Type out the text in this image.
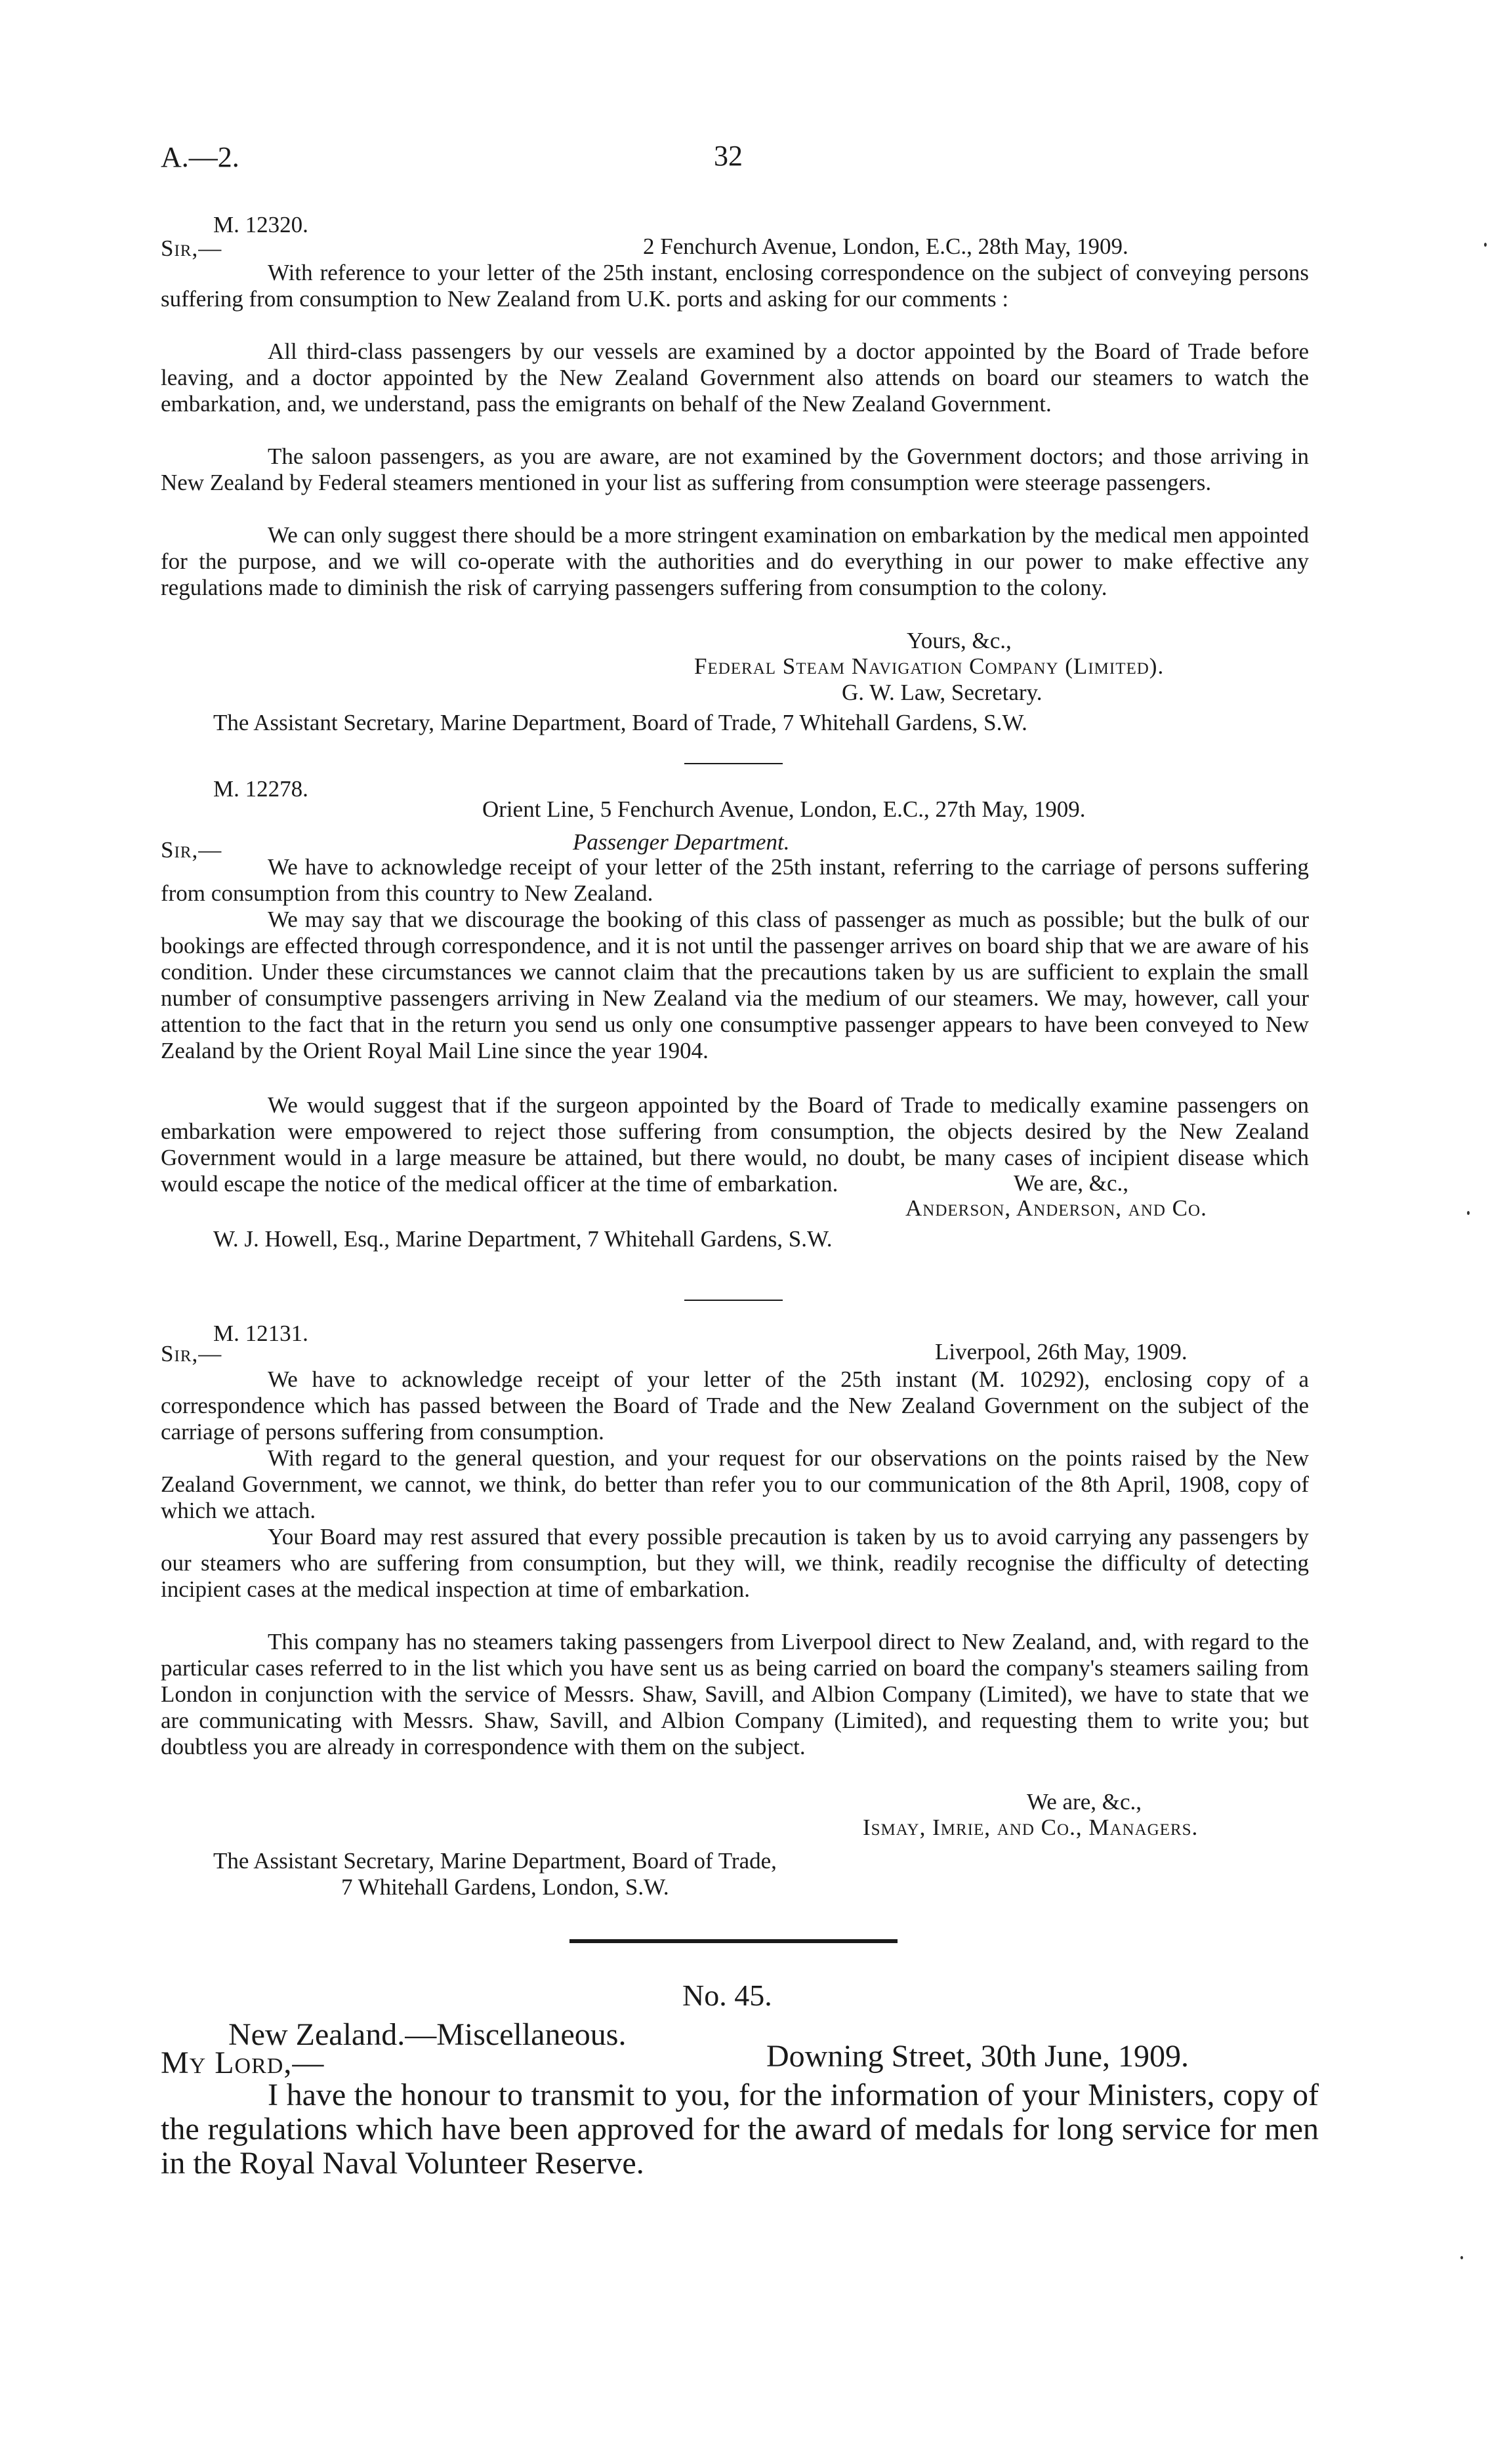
A.—2.	32
M. 12320.
Sir,—	2 Fenchurch Avenue, London, E.C., 28th May, 1909.

With reference to your letter of the 25th instant, enclosing correspondence on the subject of conveying persons suffering from consumption to New Zealand from U.K. ports and asking for our comments :

All third-class passengers by our vessels are examined by a doctor appointed by the Board of Trade before leaving, and a doctor appointed by the New Zealand Government also attends on board our steamers to watch the embarkation, and, we understand, pass the emigrants on behalf of the New Zealand Government.

The saloon passengers, as you are aware, are not examined by the Government doctors; and those arriving in New Zealand by Federal steamers mentioned in your list as suffering from consumption were steerage passengers.

We can only suggest there should be a more stringent examination on embarkation by the medical men appointed for the purpose, and we will co-operate with the authorities and do everything in our power to make effective any regulations made to diminish the risk of carrying passengers suffering from consumption to the colony.

Yours, &c.,
Federal Steam Navigation Company (Limited).
G. W. Law, Secretary.
The Assistant Secretary, Marine Department, Board of Trade, 7 Whitehall Gardens, S.W.
M. 12278.
Orient Line, 5 Fenchurch Avenue, London, E.C., 27th May, 1909.
Passenger Department.
Sir,—

We have to acknowledge receipt of your letter of the 25th instant, referring to the carriage of persons suffering from consumption from this country to New Zealand.

We may say that we discourage the booking of this class of passenger as much as possible; but the bulk of our bookings are effected through correspondence, and it is not until the passenger arrives on board ship that we are aware of his condition. Under these circumstances we cannot claim that the precautions taken by us are sufficient to explain the small number of consumptive passengers arriving in New Zealand via the medium of our steamers. We may, however, call your attention to the fact that in the return you send us only one consumptive passenger appears to have been conveyed to New Zealand by the Orient Royal Mail Line since the year 1904.

We would suggest that if the surgeon appointed by the Board of Trade to medically examine passengers on embarkation were empowered to reject those suffering from consumption, the objects desired by the New Zealand Government would in a large measure be attained, but there would, no doubt, be many cases of incipient disease which would escape the notice of the medical officer at the time of embarkation.	We are, &c.,
Anderson, Anderson, and Co.
W. J. Howell, Esq., Marine Department, 7 Whitehall Gardens, S.W.
M. 12131.
Sir,—	Liverpool, 26th May, 1909.

We have to acknowledge receipt of your letter of the 25th instant (M. 10292), enclosing copy of a correspondence which has passed between the Board of Trade and the New Zealand Government on the subject of the carriage of persons suffering from consumption.

With regard to the general question, and your request for our observations on the points raised by the New Zealand Government, we cannot, we think, do better than refer you to our communication of the 8th April, 1908, copy of which we attach.

Your Board may rest assured that every possible precaution is taken by us to avoid carrying any passengers by our steamers who are suffering from consumption, but they will, we think, readily recognise the difficulty of detecting incipient cases at the medical inspection at time of embarkation.

This company has no steamers taking passengers from Liverpool direct to New Zealand, and, with regard to the particular cases referred to in the list which you have sent us as being carried on board the company's steamers sailing from London in conjunction with the service of Messrs. Shaw, Savill, and Albion Company (Limited), we have to state that we are communicating with Messrs. Shaw, Savill, and Albion Company (Limited), and requesting them to write you; but doubtless you are already in correspondence with them on the subject.

We are, &c.,
Ismay, Imrie, and Co., Managers.
The Assistant Secretary, Marine Department, Board of Trade,
7 Whitehall Gardens, London, S.W.
No. 45.
New Zealand.—Miscellaneous.
My Lord,—	Downing Street, 30th June, 1909.

I have the honour to transmit to you, for the information of your Ministers, copy of the regulations which have been approved for the award of medals for long service for men in the Royal Naval Volunteer Reserve.
